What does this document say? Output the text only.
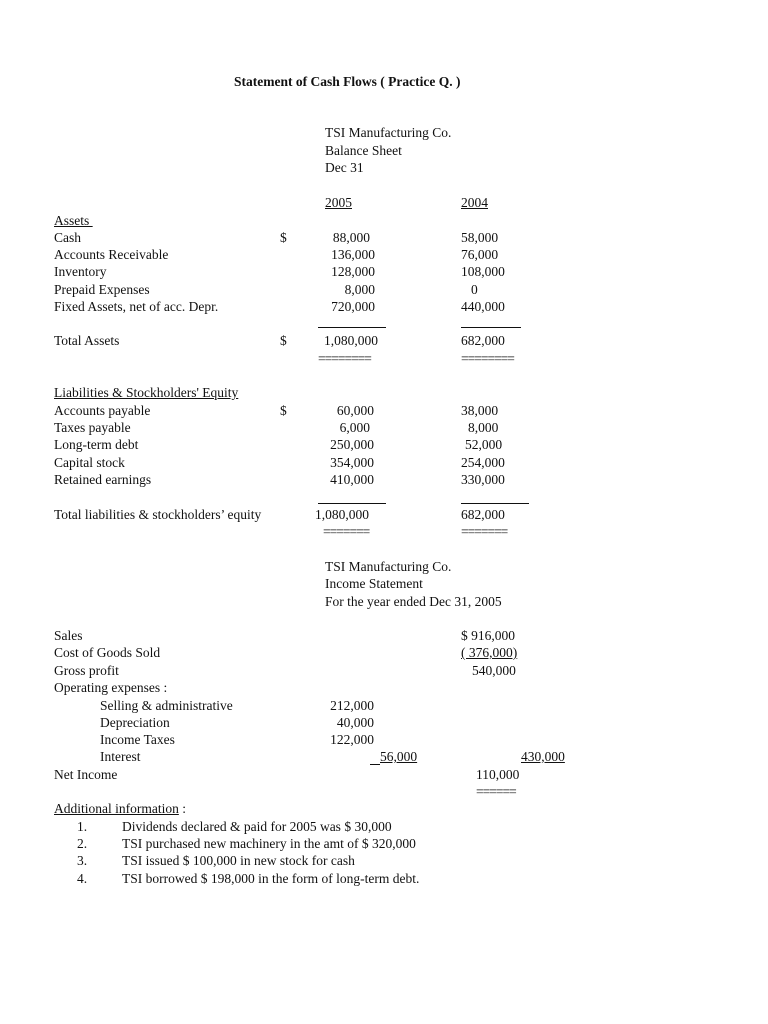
Statement of Cash Flows ( Practice Q. )
TSI Manufacturing Co.
Balance Sheet
Dec 31
2005	2004
Assets
Cash	$	88,000	58,000
Accounts Receivable	136,000	76,000
Inventory	128,000	108,000
Prepaid Expenses	8,000	0
Fixed Assets, net of acc. Depr.	720,000	440,000
Total Assets	$	1,080,000	682,000
========	========
Liabilities & Stockholders' Equity
Accounts payable	$	60,000	38,000
Taxes payable	6,000	8,000
Long-term debt	250,000	52,000
Capital stock	354,000	254,000
Retained earnings	410,000	330,000
Total liabilities & stockholders’ equity	1,080,000	682,000
=======	=======
TSI Manufacturing Co.
Income Statement
For the year ended Dec 31, 2005
Sales	$ 916,000
Cost of Goods Sold	( 376,000)
Gross profit	540,000
Operating expenses :
Selling & administrative	212,000
Depreciation	40,000
Income Taxes	122,000
Interest	56,000	430,000
Net Income	110,000
======
Additional information :
1.	Dividends declared & paid for 2005 was $ 30,000
2.	TSI purchased new machinery in the amt of $ 320,000
3.	TSI issued $ 100,000 in new stock for cash
4.	TSI borrowed $ 198,000 in the form of long-term debt.
